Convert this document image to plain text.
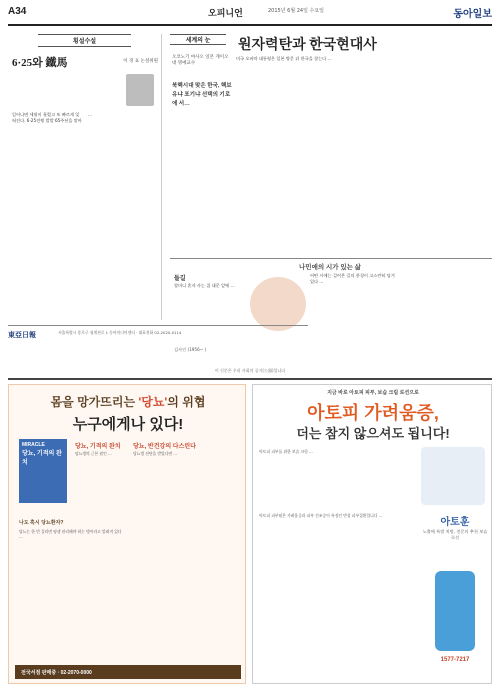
A34	오피니언	2015년 6월 24일 수요일	동아일보
횡설수설
6·25와 鐵馬	이 경 표 논설위원
일어나면 세월이 흘렀고 또 빠르게 잊혀진다. 6·25전쟁 발발 65주년을 맞아 ...
세계의 눈	원자력탄과 한국현대사
오코노기 마사오 일본 게이오대 명예교수
북핵시대 맞은 한국, 핵보유냐 포기냐 선택의 기로에 서…
미국 오바마 대통령은 일본 방문 뒤 한국을 찾는다 ...
나민애의 시가 있는 삶
들길
할머니 혼자 사는 집 대문 앞에 …
김사인 (1956~ )
어떤 시에는 걸어온 길의 풍경이 고스란히 담겨 있다 ...
東亞日報	서울특별시 종로구 청계천로 1 동아미디어센터 · 대표전화 02-2020-0114
이 신문은 우리 사회의 공기(公器)입니다
몸을 망가뜨리는 '당뇨'의 위협
누구에게나 있다!
MIRACLE
당뇨, 기적의 완치
당뇨, 기적의 완치
당뇨병의 근본 원인 …
당뇨, 반건강의 다스린다
당뇨병 진단을 받았다면 …
나도 혹시 당뇨환자?
당뇨는 한 번 걸리면 평생 관리해야 하는 병이라고 알려져 있다 …
전국서점 판매중 · 02-2070-0000
지금 바로 아토피 피부, 보습 크림 로션으로
아토피 가려움증,
더는 참지 않으셔도 됩니다!
아토피 피부를 위한 보습 크림 …
아토피 피부염은 가려움증과 피부 건조증이 특징인 만성 피부질환입니다 …
아토훈
노출에 특별 처방, 전문의 추천 보습 로션
1577-7217
